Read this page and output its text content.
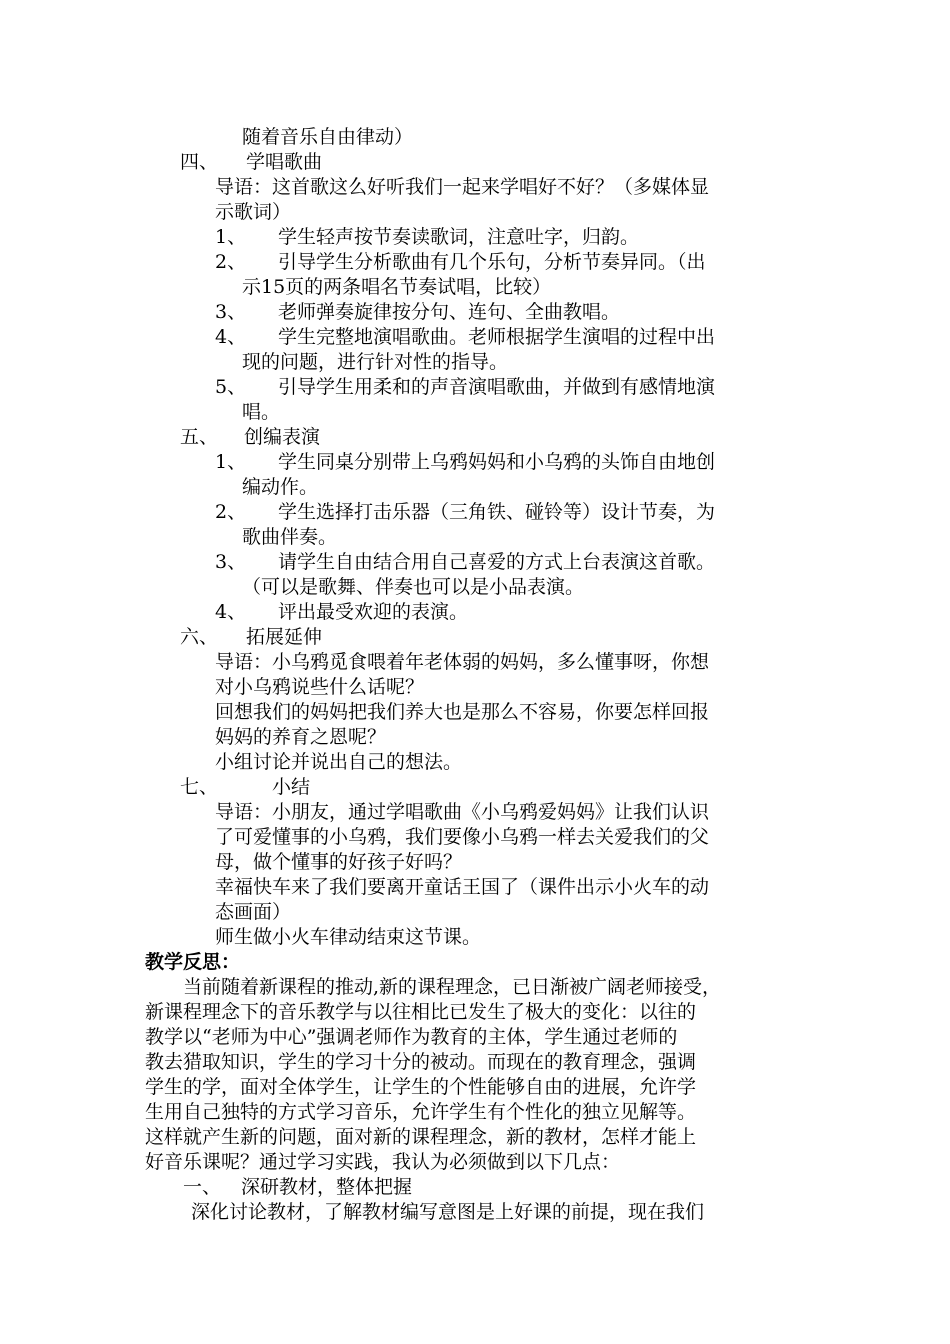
随着音乐自由律动）
四、 学唱歌曲
导语：这首歌这么好听我们一起来学唱好不好？（多媒体显
示歌词）
1、 学生轻声按节奏读歌词，注意吐字，归韵。
2、 引导学生分析歌曲有几个乐句，分析节奏异同。（出
示15页的两条唱名节奏试唱，比较）
3、 老师弹奏旋律按分句、连句、全曲教唱。
4、 学生完整地演唱歌曲。老师根据学生演唱的过程中出
现的问题，进行针对性的指导。
5、 引导学生用柔和的声音演唱歌曲，并做到有感情地演
唱。
五、 创编表演
1、 学生同桌分别带上乌鸦妈妈和小乌鸦的头饰自由地创
编动作。
2、 学生选择打击乐器（三角铁、碰铃等）设计节奏，为
歌曲伴奏。
3、 请学生自由结合用自己喜爱的方式上台表演这首歌。
（可以是歌舞、伴奏也可以是小品表演。
4、 评出最受欢迎的表演。
六、 拓展延伸
导语：小乌鸦觅食喂着年老体弱的妈妈，多么懂事呀，你想
对小乌鸦说些什么话呢？
回想我们的妈妈把我们养大也是那么不容易，你要怎样回报
妈妈的养育之恩呢？
小组讨论并说出自己的想法。
七、	小结
导语：小朋友，通过学唱歌曲《小乌鸦爱妈妈》让我们认识
了可爱懂事的小乌鸦，我们要像小乌鸦一样去关爱我们的父
母，做个懂事的好孩子好吗？
幸福快车来了我们要离开童话王国了（课件出示小火车的动
态画面）
师生做小火车律动结束这节课。
教学反思：
当前随着新课程的推动,新的课程理念，已日渐被广阔老师接受，
新课程理念下的音乐教学与以往相比已发生了极大的变化：以往的
教学以“老师为中心”强调老师作为教育的主体，学生通过老师的
教去猎取知识，学生的学习十分的被动。而现在的教育理念，强调
学生的学，面对全体学生，让学生的个性能够自由的进展，允许学
生用自己独特的方式学习音乐，允许学生有个性化的独立见解等。
这样就产生新的问题，面对新的课程理念，新的教材，怎样才能上
好音乐课呢？通过学习实践，我认为必须做到以下几点：
一、 深研教材，整体把握
深化讨论教材，了解教材编写意图是上好课的前提，现在我们
